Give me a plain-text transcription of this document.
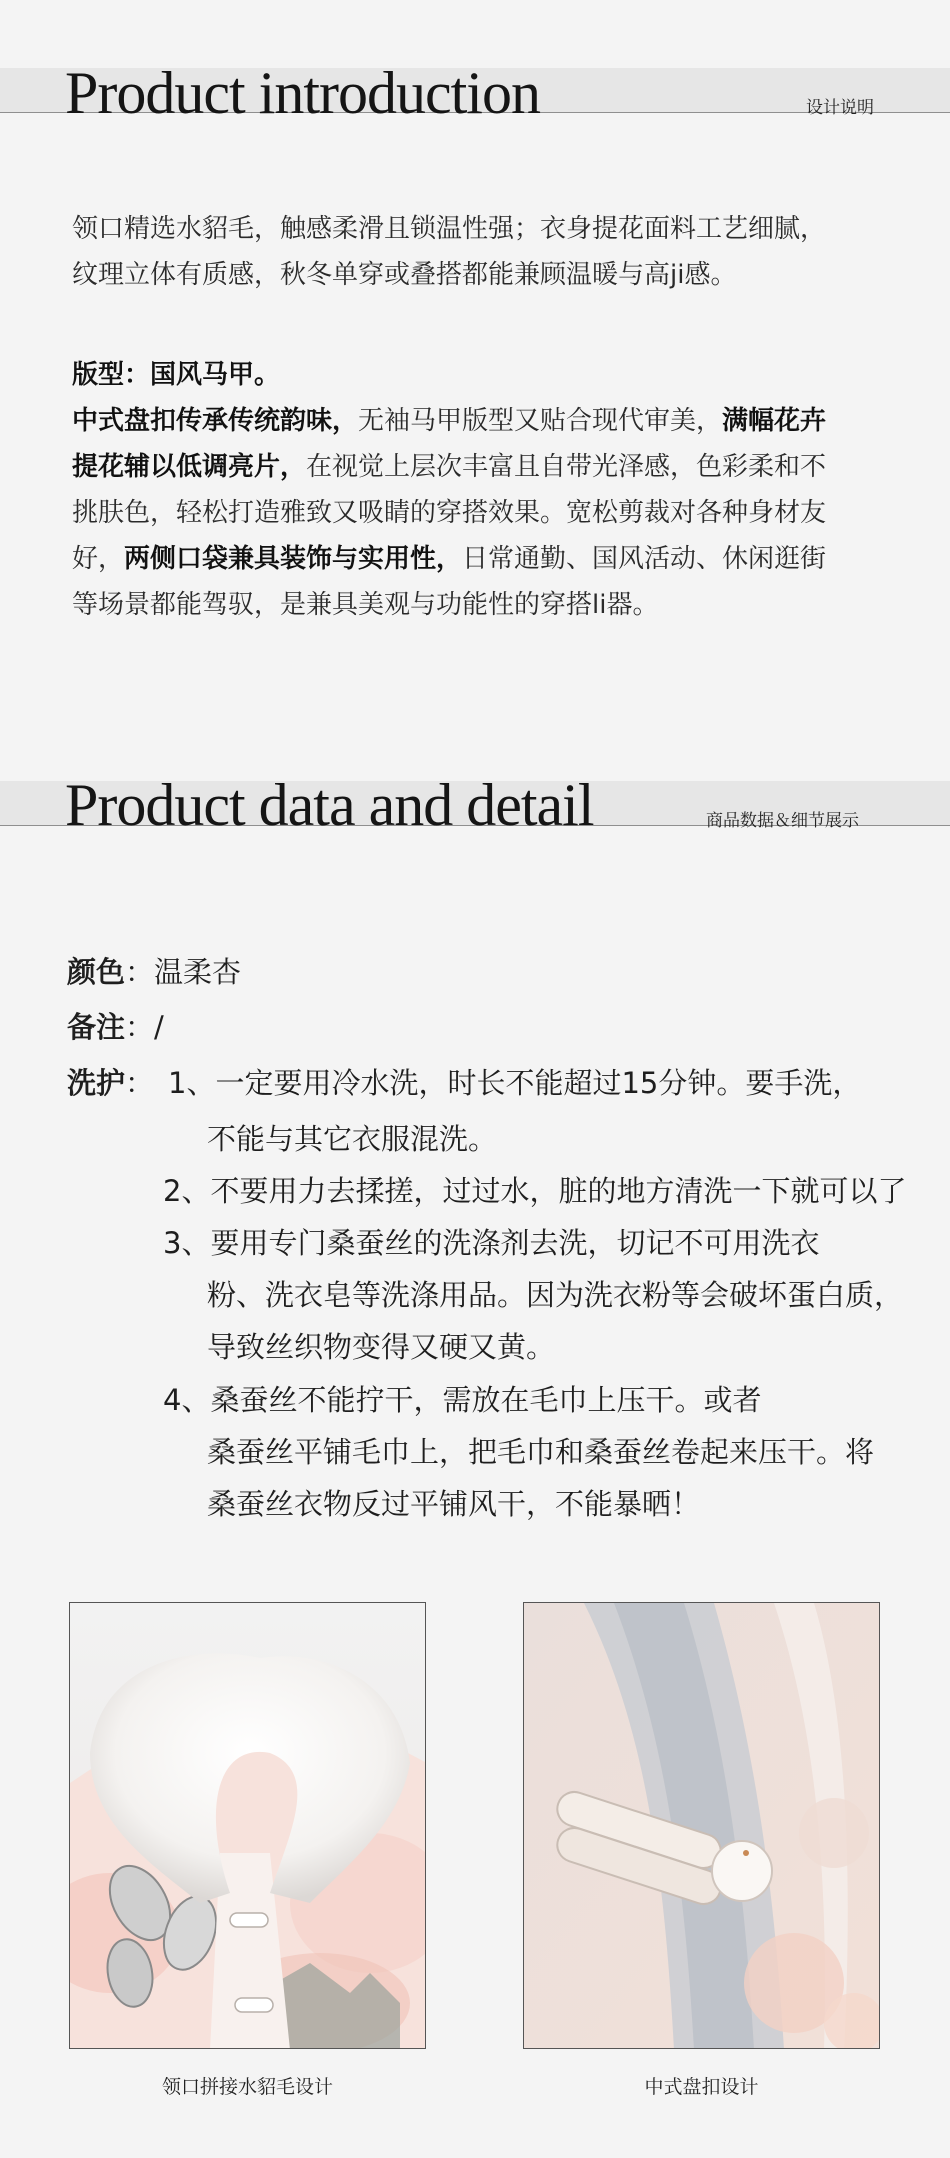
Product introduction	设计说明
领口精选水貂毛，触感柔滑且锁温性强；衣身提花面料工艺细腻，
纹理立体有质感，秋冬单穿或叠搭都能兼顾温暖与高ji感。
版型：国风马甲。
中式盘扣传承传统韵味，无袖马甲版型又贴合现代审美，满幅花卉
提花辅以低调亮片，在视觉上层次丰富且自带光泽感，色彩柔和不
挑肤色，轻松打造雅致又吸睛的穿搭效果。宽松剪裁对各种身材友
好，两侧口袋兼具装饰与实用性，日常通勤、国风活动、休闲逛街
等场景都能驾驭，是兼具美观与功能性的穿搭li器。
Product data and detail	商品数据＆细节展示
颜色：温柔杏
备注：/
洗护： 1、一定要用冷水洗，时长不能超过15分钟。要手洗，
不能与其它衣服混洗。
2、不要用力去揉搓，过过水，脏的地方清洗一下就可以了
3、要用专门桑蚕丝的洗涤剂去洗，切记不可用洗衣
粉、洗衣皂等洗涤用品。因为洗衣粉等会破坏蛋白质，
导致丝织物变得又硬又黄。
4、桑蚕丝不能拧干，需放在毛巾上压干。或者
桑蚕丝平铺毛巾上，把毛巾和桑蚕丝卷起来压干。将
桑蚕丝衣物反过平铺风干，不能暴晒！
领口拼接水貂毛设计	中式盘扣设计
